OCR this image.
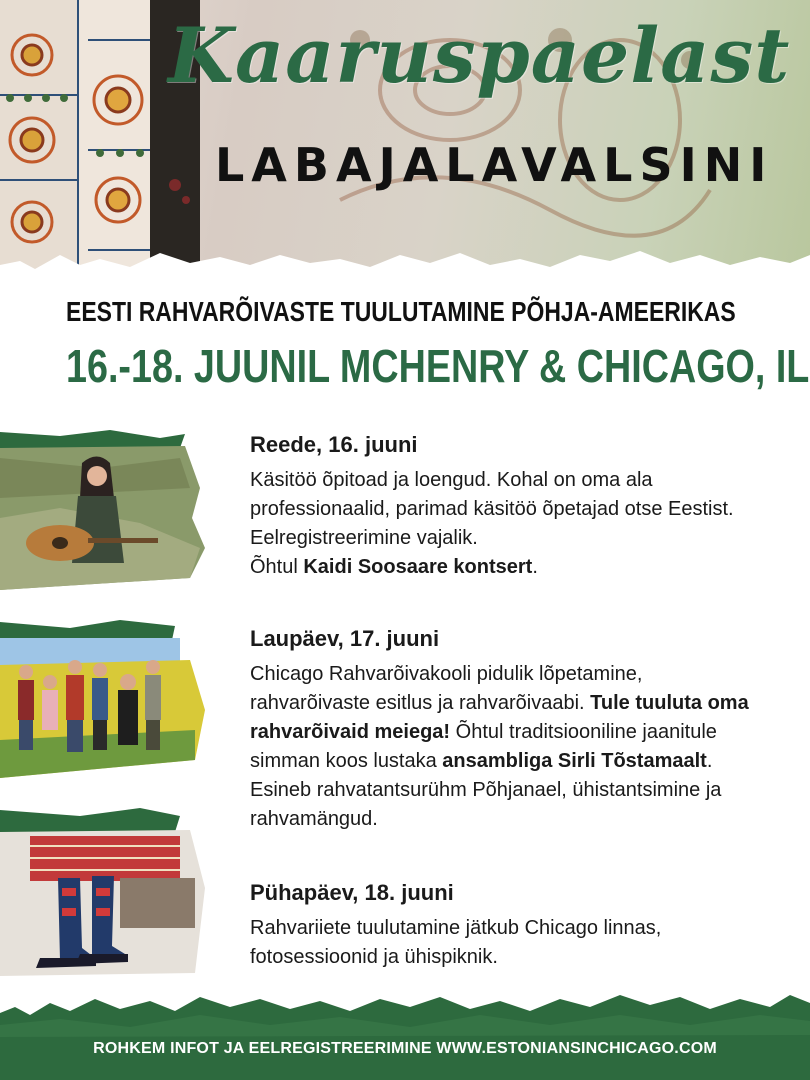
Kaaruspaelast
LABAJALAVALSINI
EESTI RAHVARÕIVASTE TUULUTAMINE PÕHJA-AMEERIKAS
16.-18. JUUNIL MCHENRY & CHICAGO, IL
Reede, 16. juuni
Käsitöö õpitoad ja loengud. Kohal on oma ala professionaalid, parimad käsitöö õpetajad otse Eestist. Eelregistreerimine vajalik.
Õhtul Kaidi Soosaare kontsert.
Laupäev, 17. juuni
Chicago Rahvarõivakooli pidulik lõpetamine, rahvarõivaste esitlus ja rahvarõivaabi. Tule tuuluta oma rahvarõivaid meiega! Õhtul traditsiooniline jaanitule simman koos lustaka ansambliga Sirli Tõstamaalt. Esineb rahvatantsurühm Põhjanael, ühistantsimine ja rahvamängud.
Pühapäev, 18. juuni
Rahvariiete tuulutamine jätkub Chicago linnas, fotosessioonid ja ühispiknik.
ROHKEM INFOT JA EELREGISTREERIMINE WWW.ESTONIANSINCHICAGO.COM
